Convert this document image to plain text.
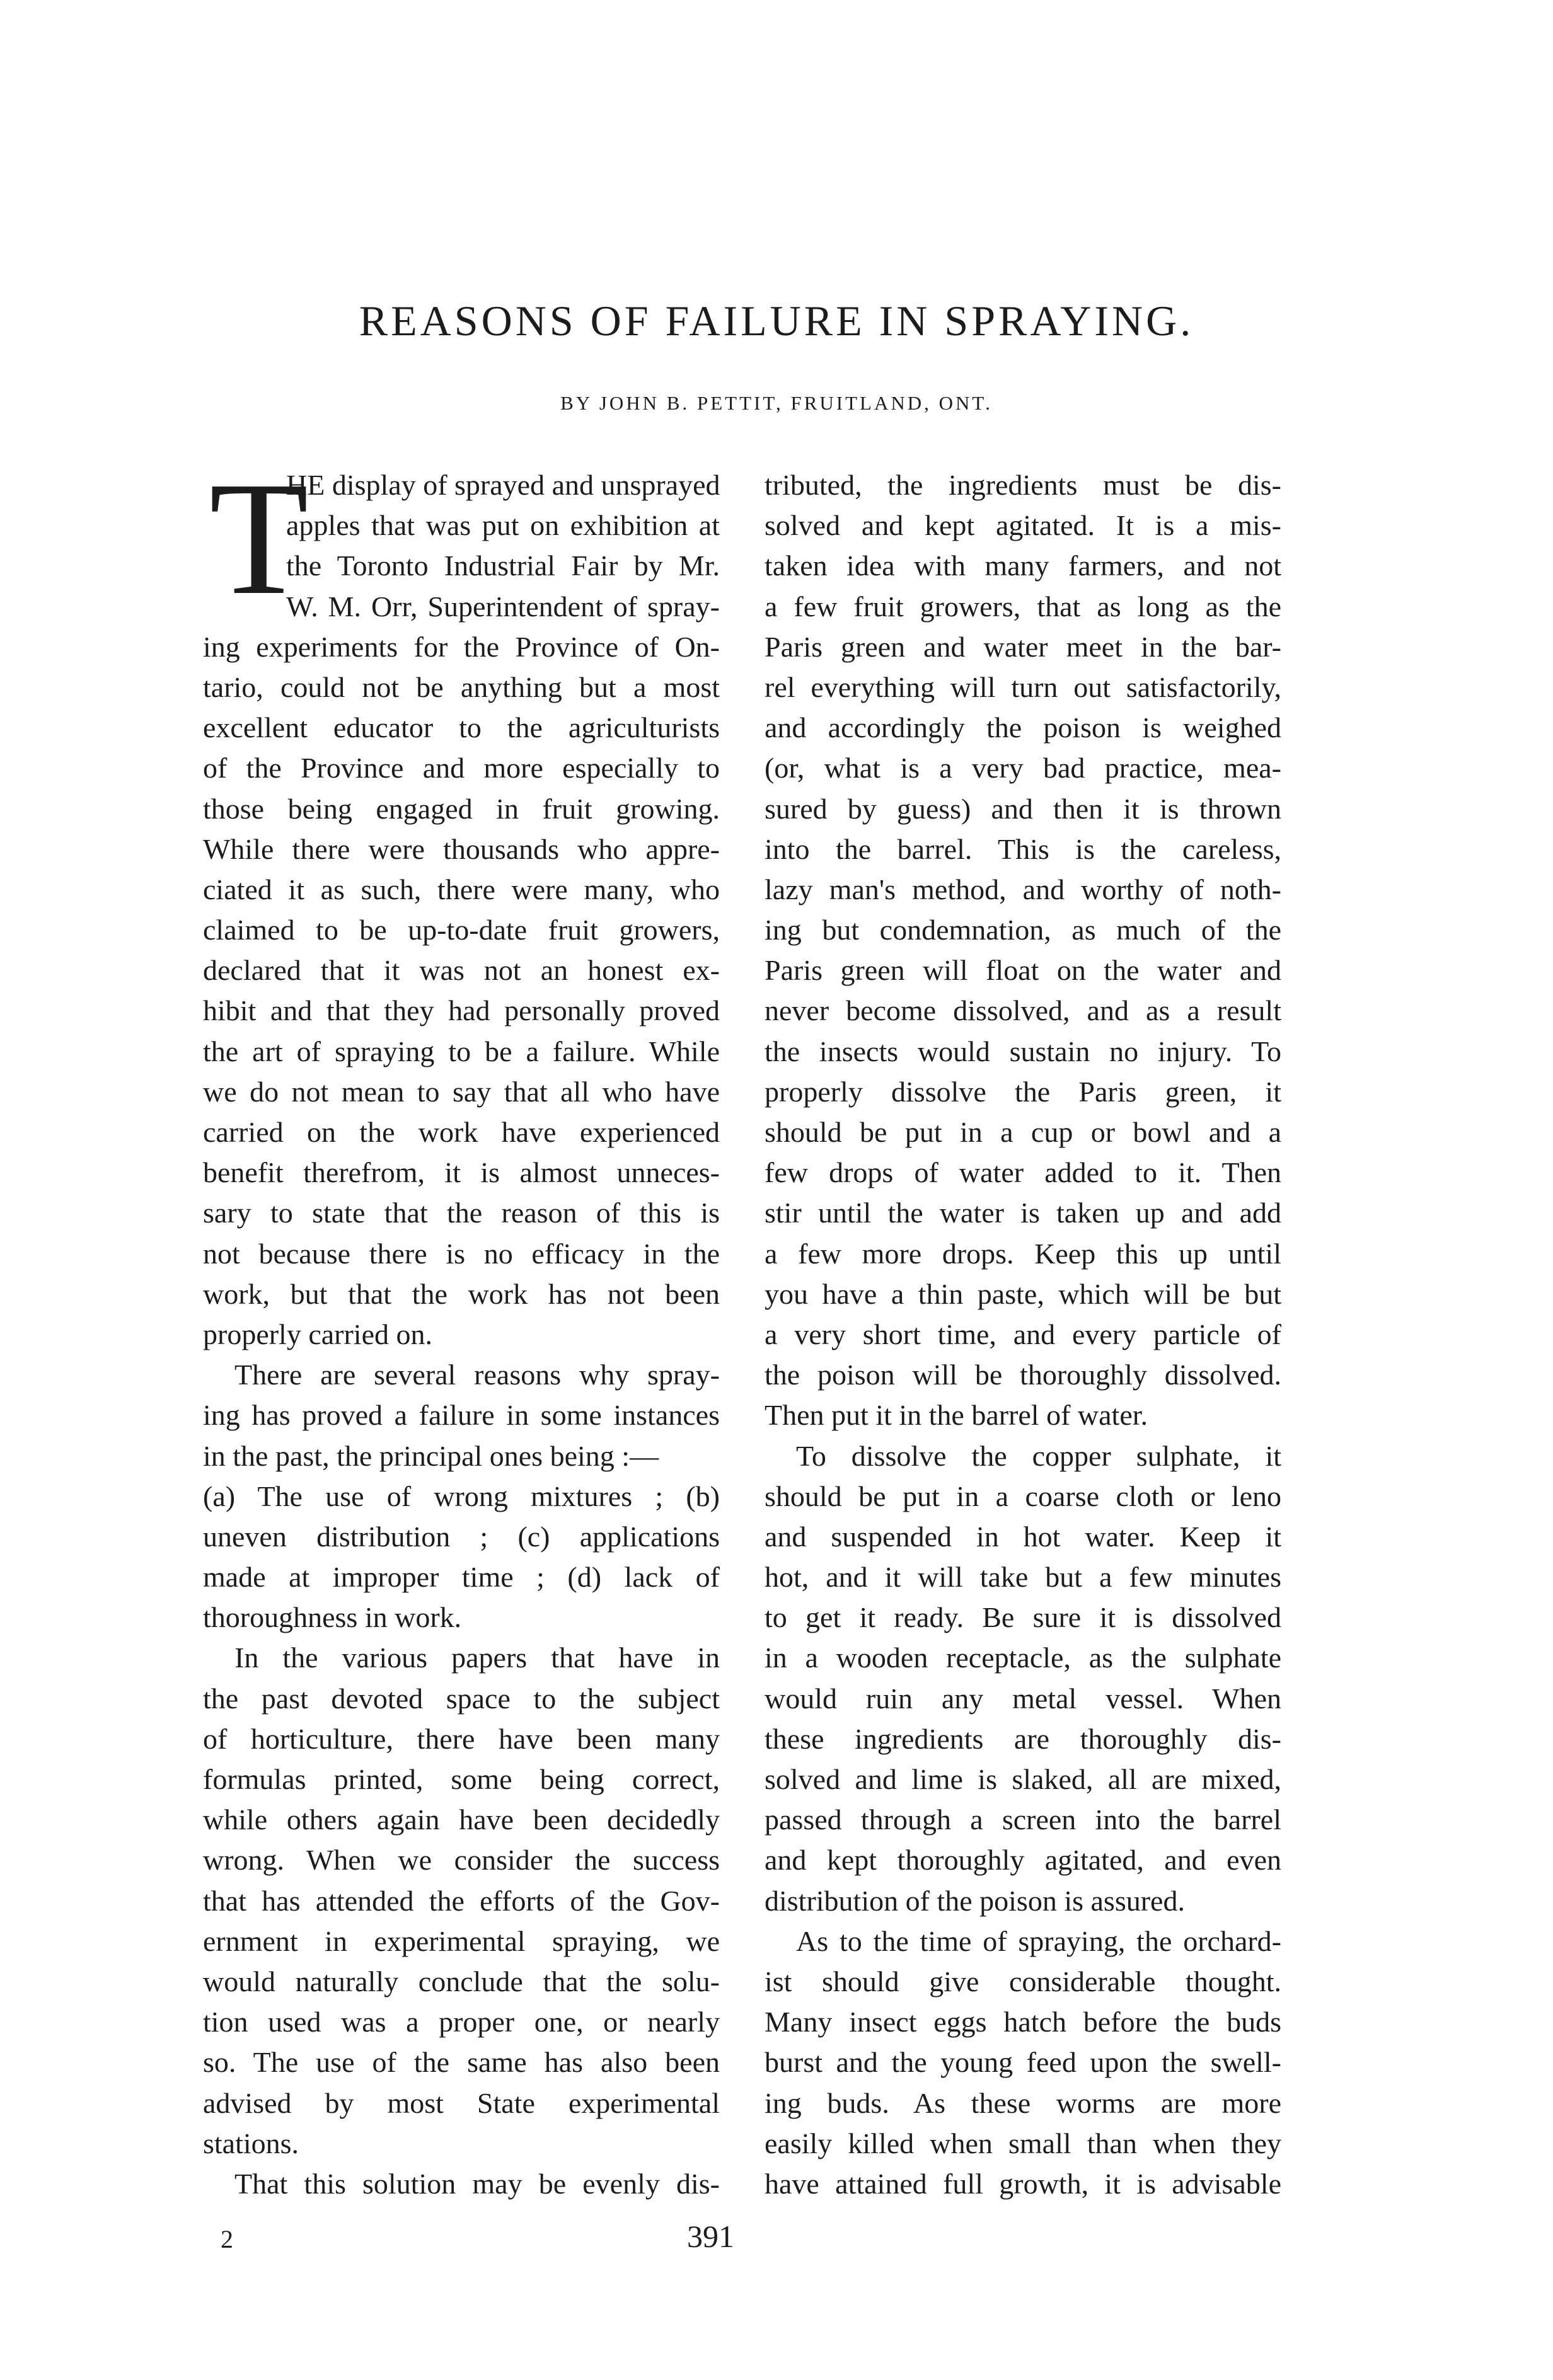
REASONS OF FAILURE IN SPRAYING.
BY JOHN B. PETTIT, FRUITLAND, ONT.
T
HE display of sprayed and unsprayed
apples that was put on exhibition at
the Toronto Industrial Fair by Mr.
W. M. Orr, Superintendent of spray-
ing experiments for the Province of On-
tario, could not be anything but a most
excellent educator to the agriculturists
of the Province and more especially to
those being engaged in fruit growing.
While there were thousands who appre-
ciated it as such, there were many, who
claimed to be up-to-date fruit growers,
declared that it was not an honest ex-
hibit and that they had personally proved
the art of spraying to be a failure. While
we do not mean to say that all who have
carried on the work have experienced
benefit therefrom, it is almost unneces-
sary to state that the reason of this is
not because there is no efficacy in the
work, but that the work has not been
properly carried on.
There are several reasons why spray-
ing has proved a failure in some instances
in the past, the principal ones being :—
(a) The use of wrong mixtures ; (b)
uneven distribution ; (c) applications
made at improper time ; (d) lack of
thoroughness in work.
In the various papers that have in
the past devoted space to the subject
of horticulture, there have been many
formulas printed, some being correct,
while others again have been decidedly
wrong. When we consider the success
that has attended the efforts of the Gov-
ernment in experimental spraying, we
would naturally conclude that the solu-
tion used was a proper one, or nearly
so. The use of the same has also been
advised by most State experimental
stations.
That this solution may be evenly dis-
tributed, the ingredients must be dis-
solved and kept agitated. It is a mis-
taken idea with many farmers, and not
a few fruit growers, that as long as the
Paris green and water meet in the bar-
rel everything will turn out satisfactorily,
and accordingly the poison is weighed
(or, what is a very bad practice, mea-
sured by guess) and then it is thrown
into the barrel. This is the careless,
lazy man's method, and worthy of noth-
ing but condemnation, as much of the
Paris green will float on the water and
never become dissolved, and as a result
the insects would sustain no injury. To
properly dissolve the Paris green, it
should be put in a cup or bowl and a
few drops of water added to it. Then
stir until the water is taken up and add
a few more drops. Keep this up until
you have a thin paste, which will be but
a very short time, and every particle of
the poison will be thoroughly dissolved.
Then put it in the barrel of water.
To dissolve the copper sulphate, it
should be put in a coarse cloth or leno
and suspended in hot water. Keep it
hot, and it will take but a few minutes
to get it ready. Be sure it is dissolved
in a wooden receptacle, as the sulphate
would ruin any metal vessel. When
these ingredients are thoroughly dis-
solved and lime is slaked, all are mixed,
passed through a screen into the barrel
and kept thoroughly agitated, and even
distribution of the poison is assured.
As to the time of spraying, the orchard-
ist should give considerable thought.
Many insect eggs hatch before the buds
burst and the young feed upon the swell-
ing buds. As these worms are more
easily killed when small than when they
have attained full growth, it is advisable
2	391
